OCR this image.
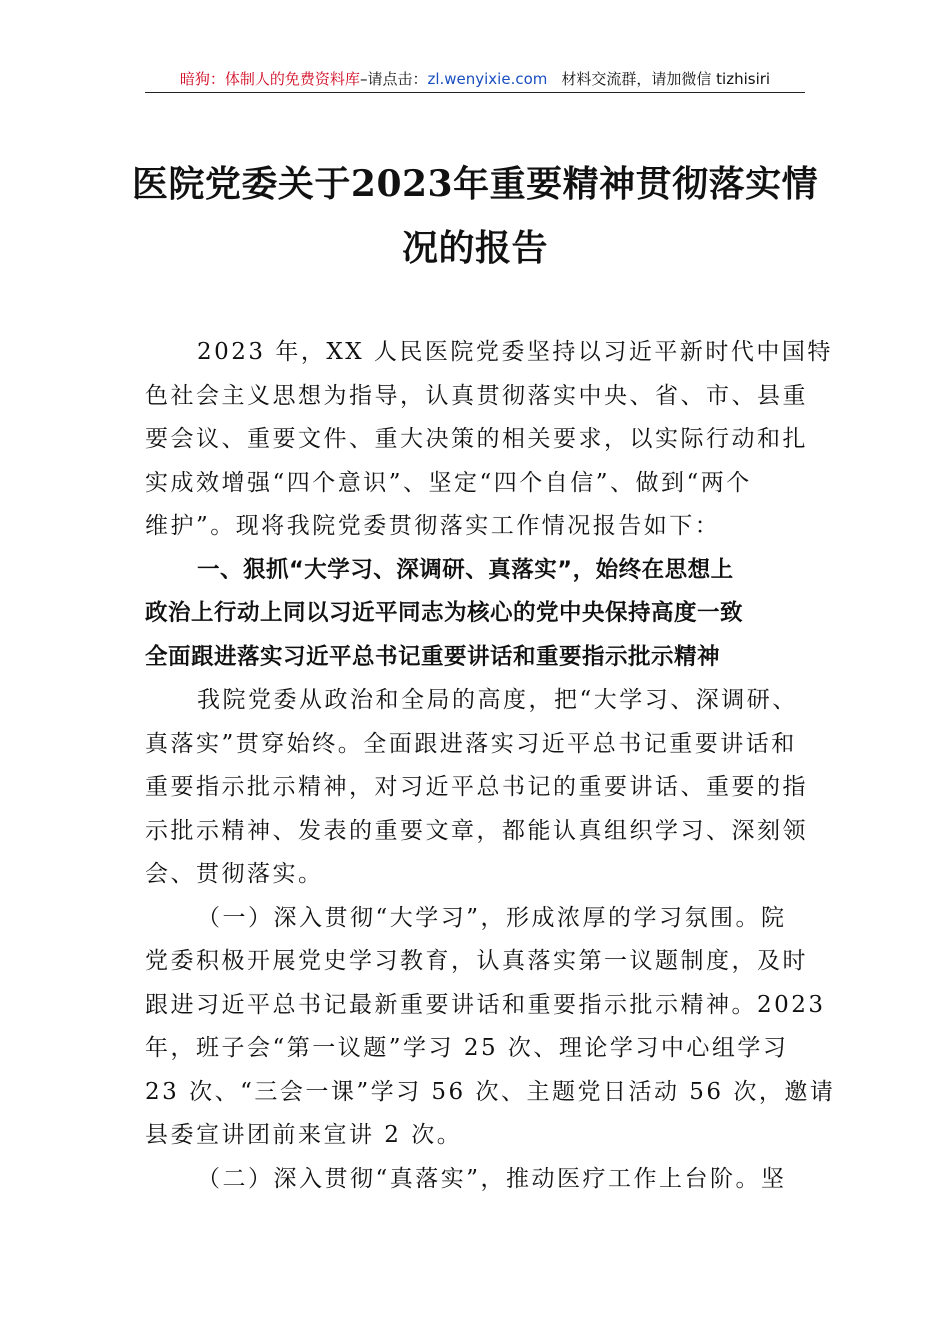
暗狗：体制人的免费资料库–请点击：zl.wenyixie.com 材料交流群，请加微信 tizhisiri
医院党委关于2023年重要精神贯彻落实情
况的报告

2023 年，XX 人民医院党委坚持以习近平新时代中国特
色社会主义思想为指导，认真贯彻落实中央、省、市、县重
要会议、重要文件、重大决策的相关要求，以实际行动和扎
实成效增强“四个意识”、坚定“四个自信”、做到“两个
维护”。现将我院党委贯彻落实工作情况报告如下：

一、狠抓“大学习、深调研、真落实”，始终在思想上
政治上行动上同以习近平同志为核心的党中央保持高度一致
全面跟进落实习近平总书记重要讲话和重要指示批示精神

我院党委从政治和全局的高度，把“大学习、深调研、
真落实”贯穿始终。全面跟进落实习近平总书记重要讲话和
重要指示批示精神，对习近平总书记的重要讲话、重要的指
示批示精神、发表的重要文章，都能认真组织学习、深刻领
会、贯彻落实。

（一）深入贯彻“大学习”，形成浓厚的学习氛围。院
党委积极开展党史学习教育，认真落实第一议题制度，及时
跟进习近平总书记最新重要讲话和重要指示批示精神。2023
年，班子会“第一议题”学习 25 次、理论学习中心组学习
23 次、“三会一课”学习 56 次、主题党日活动 56 次，邀请
县委宣讲团前来宣讲 2 次。

（二）深入贯彻“真落实”，推动医疗工作上台阶。坚
